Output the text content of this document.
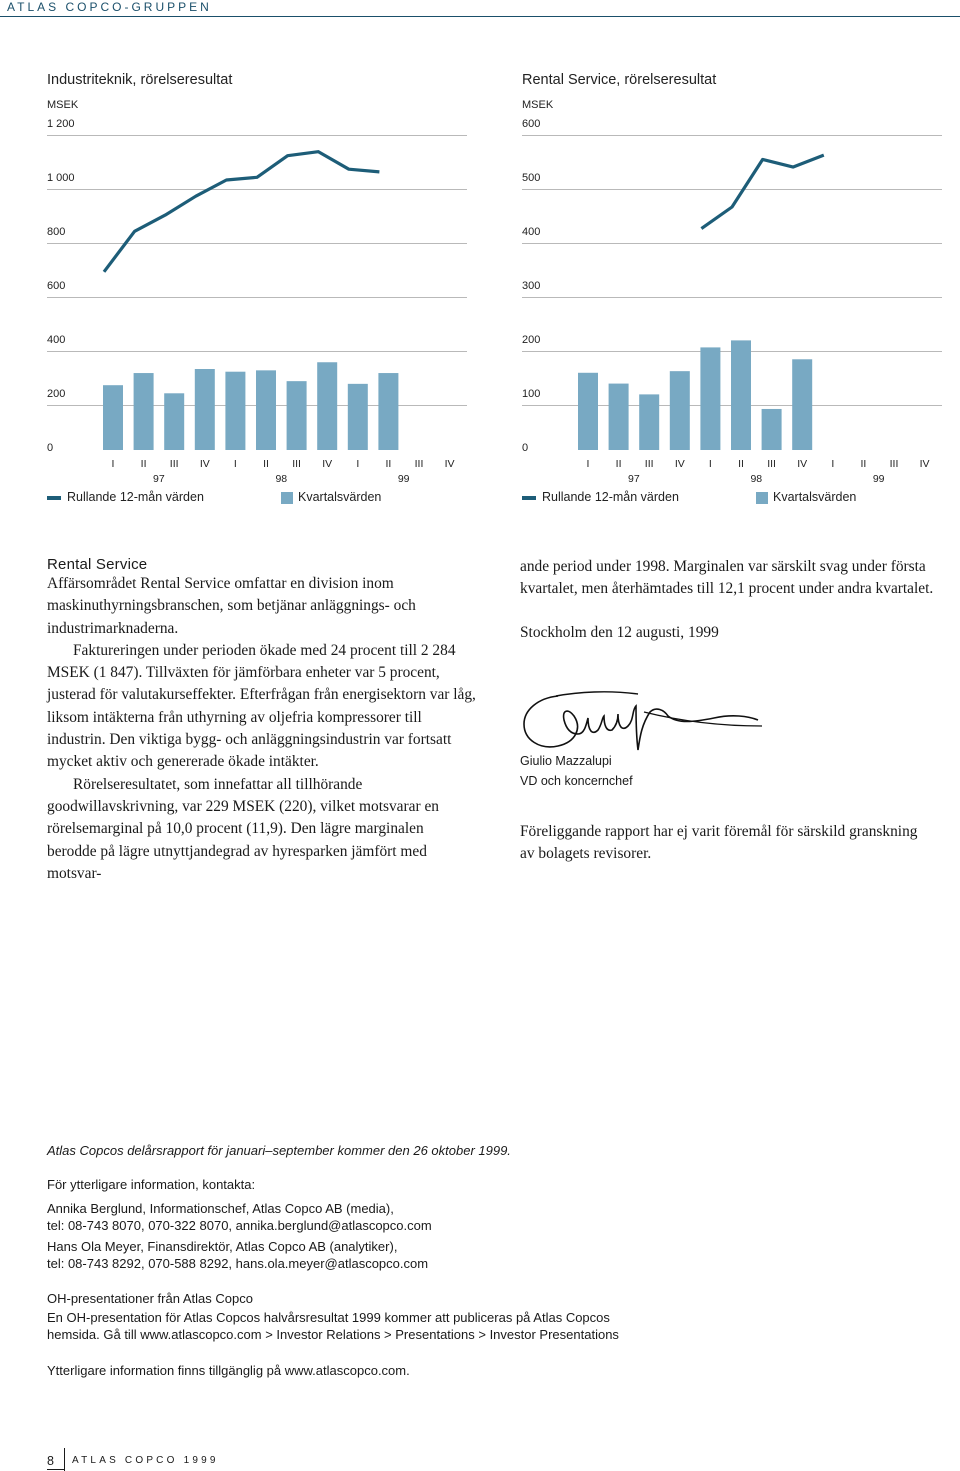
ATLAS COPCO-GRUPPEN
Industriteknik, rörelseresultat
MSEK
1 200
1 000
800
600
400
200
0
I II III IV I II III IV I II III IV
97	98	99
Rullande 12-mån värden	Kvartalsvärden
Rental Service, rörelseresultat
MSEK
600
500
400
300
200
100
0
I II III IV I II III IV I II III IV
97	98	99
Rullande 12-mån värden	Kvartalsvärden
Rental Service

Affärsområdet Rental Service omfattar en division inom maskinuthyrningsbranschen, som betjänar anläggnings- och industrimarknaderna.

Faktureringen under perioden ökade med 24 procent till 2 284 MSEK (1 847). Tillväxten för jämförbara enheter var 5 procent, justerad för valutakurseffekter. Efterfrågan från energisektorn var låg, liksom intäkterna från uthyrning av oljefria kompressorer till industrin. Den viktiga bygg- och anläggningsindustrin var fortsatt mycket aktiv och genererade ökade intäkter.

Rörelseresultatet, som innefattar all tillhörande goodwillavskrivning, var 229 MSEK (220), vilket motsvarar en rörelsemarginal på 10,0 procent (11,9). Den lägre marginalen berodde på lägre utnyttjandegrad av hyresparken jämfört med motsvar-

ande period under 1998. Marginalen var särskilt svag under första kvartalet, men återhämtades till 12,1 procent under andra kvartalet.

Stockholm den 12 augusti, 1999

Giulio Mazzalupi
VD och koncernchef
Föreliggande rapport har ej varit föremål för särskild granskning av bolagets revisorer.

Atlas Copcos delårsrapport för januari–september kommer den 26 oktober 1999.

För ytterligare information, kontakta:

Annika Berglund, Informationschef, Atlas Copco AB (media),

tel: 08-743 8070, 070-322 8070, annika.berglund@atlascopco.com

Hans Ola Meyer, Finansdirektör, Atlas Copco AB (analytiker),

tel: 08-743 8292, 070-588 8292, hans.ola.meyer@atlascopco.com

OH-presentationer från Atlas Copco

En OH-presentation för Atlas Copcos halvårsresultat 1999 kommer att publiceras på Atlas Copcos hemsida. Gå till www.atlascopco.com > Investor Relations > Presentations > Investor Presentations

Ytterligare information finns tillgänglig på www.atlascopco.com.

8 ATLAS COPCO 1999
